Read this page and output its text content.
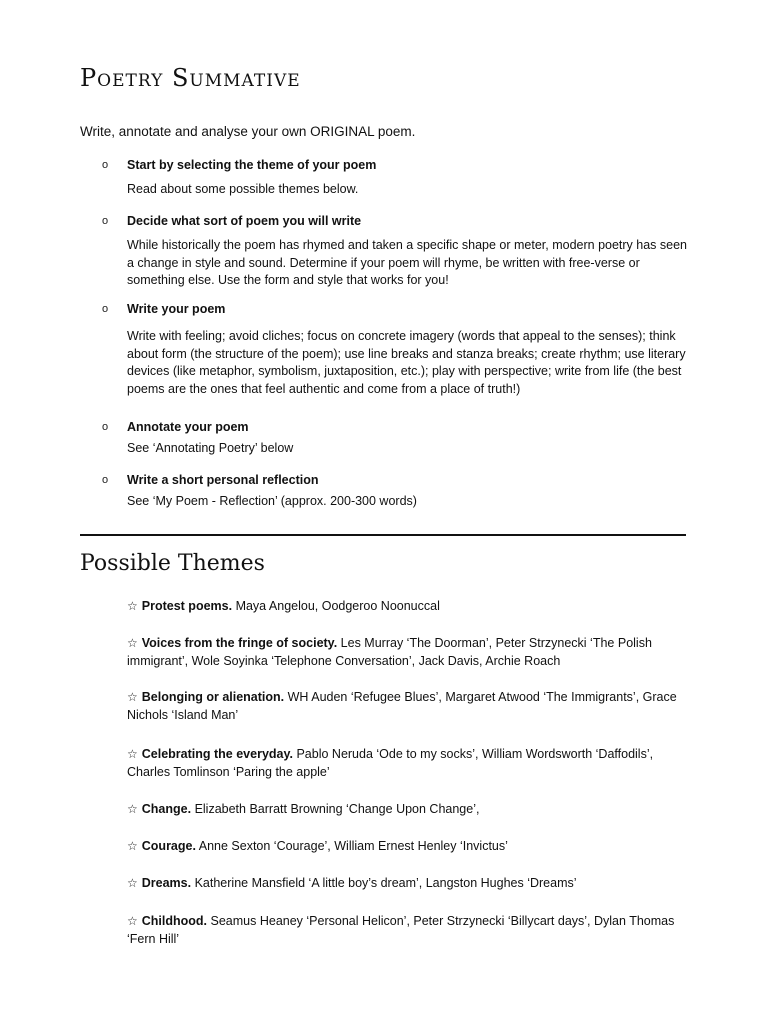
Poetry Summative
Write, annotate and analyse your own ORIGINAL poem.
o Start by selecting the theme of your poem
Read about some possible themes below.
o Decide what sort of poem you will write
While historically the poem has rhymed and taken a specific shape or meter, modern poetry has seen a change in style and sound. Determine if your poem will rhyme, be written with free-verse or something else. Use the form and style that works for you!
o Write your poem
Write with feeling; avoid cliches; focus on concrete imagery (words that appeal to the senses); think about form (the structure of the poem); use line breaks and stanza breaks; create rhythm; use literary devices (like metaphor, symbolism, juxtaposition, etc.); play with perspective; write from life (the best poems are the ones that feel authentic and come from a place of truth!)
o Annotate your poem
See ‘Annotating Poetry’ below
o Write a short personal reflection
See ‘My Poem - Reflection’ (approx. 200-300 words)
Possible Themes
☆ Protest poems. Maya Angelou, Oodgeroo Noonuccal
☆ Voices from the fringe of society. Les Murray ‘The Doorman’, Peter Strzynecki ‘The Polish immigrant’, Wole Soyinka ‘Telephone Conversation’, Jack Davis, Archie Roach
☆ Belonging or alienation. WH Auden ‘Refugee Blues’, Margaret Atwood ‘The Immigrants’, Grace Nichols ‘Island Man’
☆ Celebrating the everyday. Pablo Neruda ‘Ode to my socks’, William Wordsworth ‘Daffodils’, Charles Tomlinson ‘Paring the apple’
☆ Change. Elizabeth Barratt Browning ‘Change Upon Change’,
☆ Courage. Anne Sexton ‘Courage’, William Ernest Henley ‘Invictus’
☆ Dreams. Katherine Mansfield ‘A little boy’s dream’, Langston Hughes ‘Dreams’
☆ Childhood. Seamus Heaney ‘Personal Helicon’, Peter Strzynecki ‘Billycart days’, Dylan Thomas ‘Fern Hill’
